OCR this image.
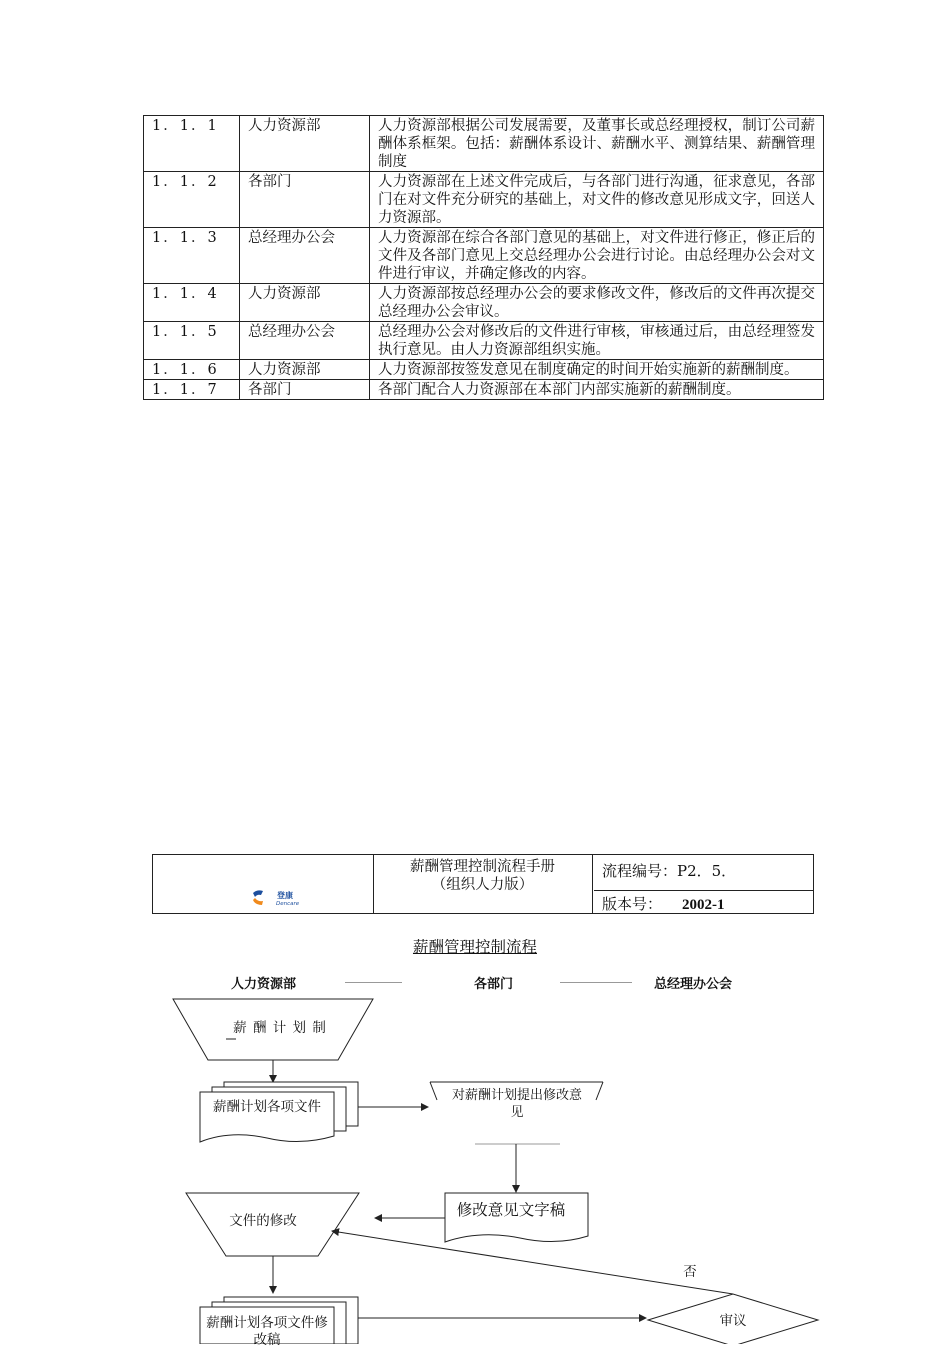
1．1．1	人力资源部	人力资源部根据公司发展需要，及董事长或总经理授权，制订公司薪酬体系框架。包括：薪酬体系设计、薪酬水平、测算结果、薪酬管理制度
1．1．2	各部门	人力资源部在上述文件完成后，与各部门进行沟通，征求意见，各部门在对文件充分研究的基础上，对文件的修改意见形成文字，回送人力资源部。
1．1．3	总经理办公会	人力资源部在综合各部门意见的基础上，对文件进行修正，修正后的文件及各部门意见上交总经理办公会进行讨论。由总经理办公会对文件进行审议，并确定修改的内容。
1．1．4	人力资源部	人力资源部按总经理办公会的要求修改文件，修改后的文件再次提交总经理办公会审议。
1．1．5	总经理办公会	总经理办公会对修改后的文件进行审核，审核通过后，由总经理签发执行意见。由人力资源部组织实施。
1．1．6	人力资源部	人力资源部按签发意见在制度确定的时间开始实施新的薪酬制度。
1．1．7	各部门	各部门配合人力资源部在本部门内部实施新的薪酬制度。
登康
Dencare
薪酬管理控制流程手册
（组织人力版）
流程编号：P2．5．
版本号： 2002-1
薪酬管理控制流程
人力资源部	各部门	总经理办公会
薪 酬 计 划 制
薪酬计划各项文件
对薪酬计划提出修改意见
修改意见文字稿
文件的修改
薪酬计划各项文件修改稿
审议
否
